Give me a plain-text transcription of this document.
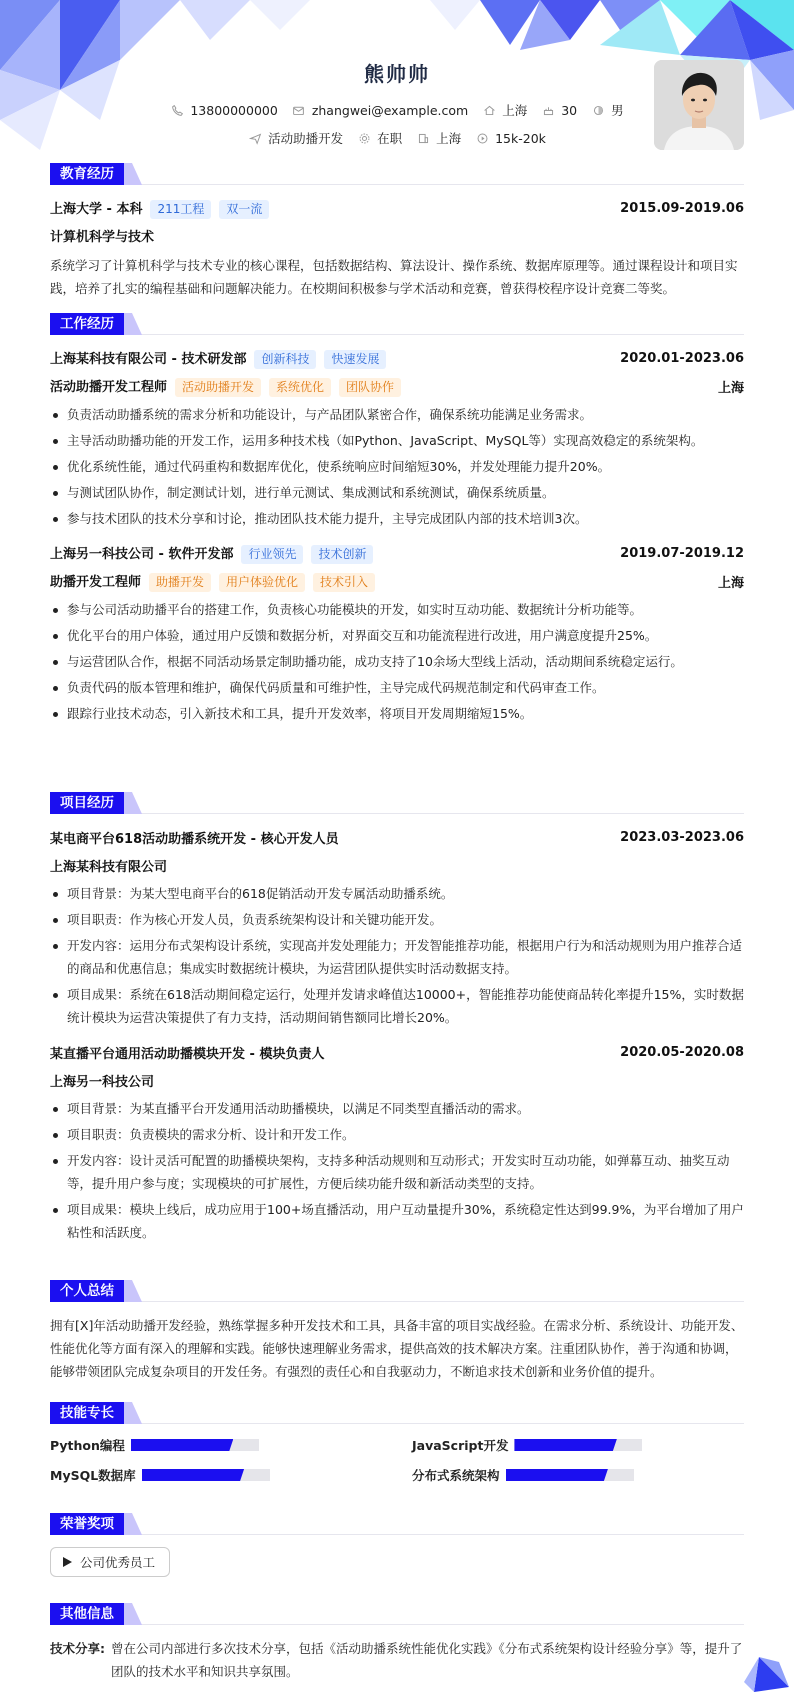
熊帅帅
13800000000	zhangwei@example.com	上海	30	男
活动助播开发	在职	上海	15k-20k
教育经历
上海大学 - 本科 211工程 双一流	2015.09-2019.06
计算机科学与技术

系统学习了计算机科学与技术专业的核心课程，包括数据结构、算法设计、操作系统、数据库原理等。通过课程设计和项目实践，培养了扎实的编程基础和问题解决能力。在校期间积极参与学术活动和竞赛，曾获得校程序设计竞赛二等奖。

工作经历
上海某科技有限公司 - 技术研发部 创新科技 快速发展	2020.01-2023.06
活动助播开发工程师 活动助播开发 系统优化 团队协作	上海
负责活动助播系统的需求分析和功能设计，与产品团队紧密合作，确保系统功能满足业务需求。
主导活动助播功能的开发工作，运用多种技术栈（如Python、JavaScript、MySQL等）实现高效稳定的系统架构。
优化系统性能，通过代码重构和数据库优化，使系统响应时间缩短30%，并发处理能力提升20%。
与测试团队协作，制定测试计划，进行单元测试、集成测试和系统测试，确保系统质量。
参与技术团队的技术分享和讨论，推动团队技术能力提升，主导完成团队内部的技术培训3次。
上海另一科技公司 - 软件开发部 行业领先 技术创新	2019.07-2019.12
助播开发工程师 助播开发 用户体验优化 技术引入	上海
参与公司活动助播平台的搭建工作，负责核心功能模块的开发，如实时互动功能、数据统计分析功能等。
优化平台的用户体验，通过用户反馈和数据分析，对界面交互和功能流程进行改进，用户满意度提升25%。
与运营团队合作，根据不同活动场景定制助播功能，成功支持了10余场大型线上活动，活动期间系统稳定运行。
负责代码的版本管理和维护，确保代码质量和可维护性，主导完成代码规范制定和代码审查工作。
跟踪行业技术动态，引入新技术和工具，提升开发效率，将项目开发周期缩短15%。
项目经历
某电商平台618活动助播系统开发 - 核心开发人员	2023.03-2023.06
上海某科技有限公司
项目背景：为某大型电商平台的618促销活动开发专属活动助播系统。
项目职责：作为核心开发人员，负责系统架构设计和关键功能开发。
开发内容：运用分布式架构设计系统，实现高并发处理能力；开发智能推荐功能，根据用户行为和活动规则为用户推荐合适的商品和优惠信息；集成实时数据统计模块，为运营团队提供实时活动数据支持。
项目成果：系统在618活动期间稳定运行，处理并发请求峰值达10000+，智能推荐功能使商品转化率提升15%，实时数据统计模块为运营决策提供了有力支持，活动期间销售额同比增长20%。
某直播平台通用活动助播模块开发 - 模块负责人	2020.05-2020.08
上海另一科技公司
项目背景：为某直播平台开发通用活动助播模块，以满足不同类型直播活动的需求。
项目职责：负责模块的需求分析、设计和开发工作。
开发内容：设计灵活可配置的助播模块架构，支持多种活动规则和互动形式；开发实时互动功能，如弹幕互动、抽奖互动等，提升用户参与度；实现模块的可扩展性，方便后续功能升级和新活动类型的支持。
项目成果：模块上线后，成功应用于100+场直播活动，用户互动量提升30%，系统稳定性达到99.9%，为平台增加了用户粘性和活跃度。
个人总结

拥有[X]年活动助播开发经验，熟练掌握多种开发技术和工具，具备丰富的项目实战经验。在需求分析、系统设计、功能开发、性能优化等方面有深入的理解和实践。能够快速理解业务需求，提供高效的技术解决方案。注重团队协作，善于沟通和协调，能够带领团队完成复杂项目的开发任务。有强烈的责任心和自我驱动力，不断追求技术创新和业务价值的提升。

技能专长
Python编程	JavaScript开发
MySQL数据库	分布式系统架构
荣誉奖项
公司优秀员工
其他信息
技术分享: 曾在公司内部进行多次技术分享，包括《活动助播系统性能优化实践》《分布式系统架构设计经验分享》等，提升了团队的技术水平和知识共享氛围。
